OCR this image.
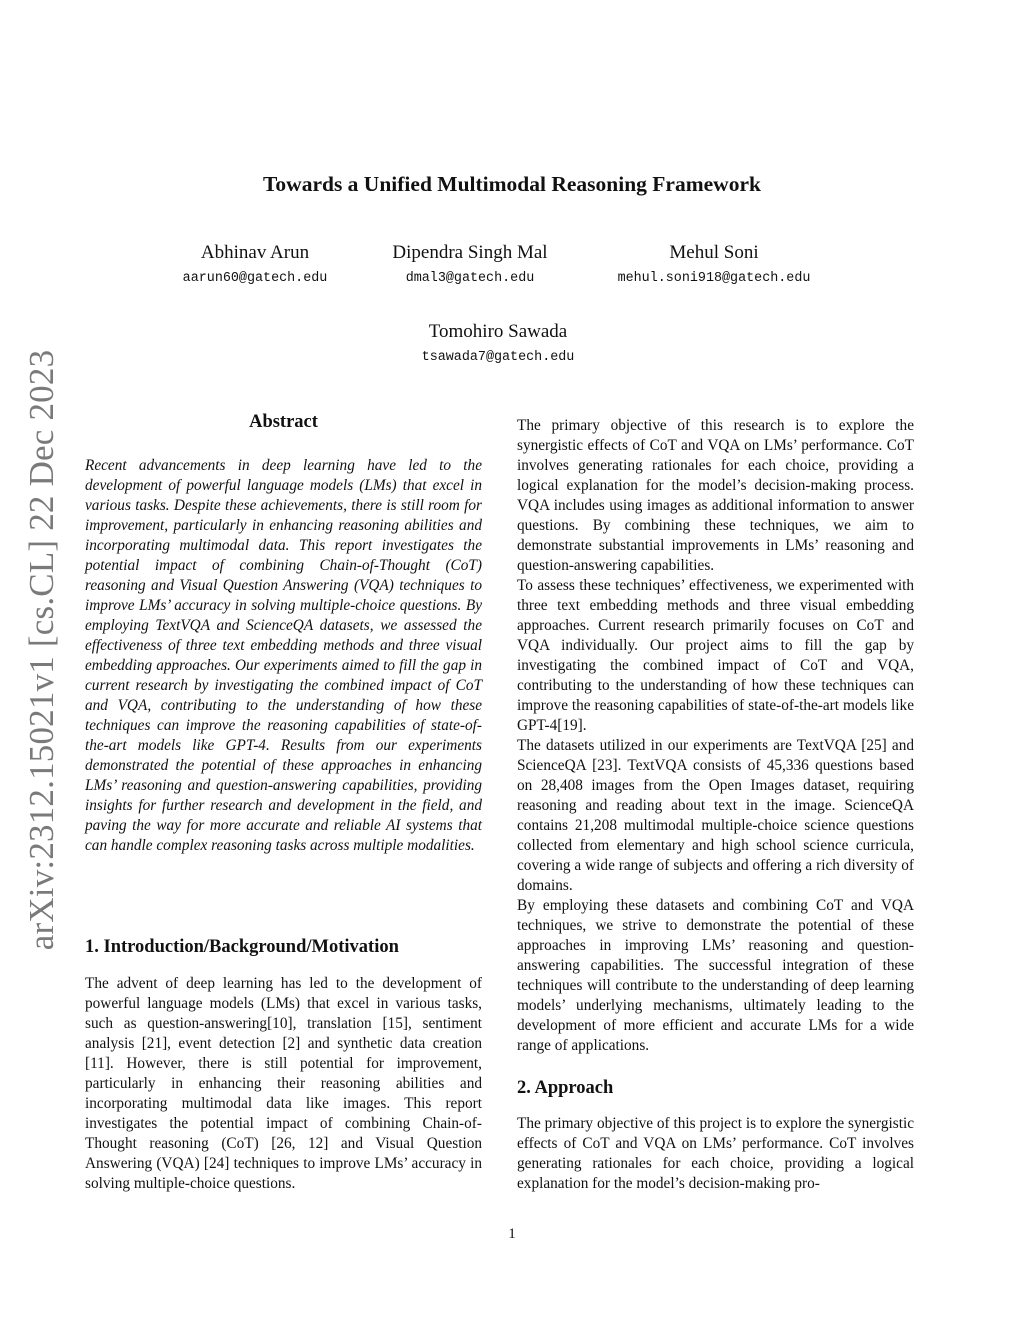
arXiv:2312.15021v1 [cs.CL] 22 Dec 2023
Towards a Unified Multimodal Reasoning Framework
Abhinav Arun
aarun60@gatech.edu
Dipendra Singh Mal
dmal3@gatech.edu
Mehul Soni
mehul.soni918@gatech.edu
Tomohiro Sawada
tsawada7@gatech.edu
Abstract

Recent advancements in deep learning have led to the development of powerful language models (LMs) that excel in various tasks. Despite these achievements, there is still room for improvement, particularly in enhancing reasoning abilities and incorporating multimodal data. This report investigates the potential impact of combining Chain-of-Thought (CoT) reasoning and Visual Question Answering (VQA) techniques to improve LMs’ accuracy in solving multiple-choice questions. By employing TextVQA and ScienceQA datasets, we assessed the effectiveness of three text embedding methods and three visual embedding approaches. Our experiments aimed to fill the gap in current research by investigating the combined impact of CoT and VQA, contributing to the understanding of how these techniques can improve the reasoning capabilities of state-of-the-art models like GPT-4. Results from our experiments demonstrated the potential of these approaches in enhancing LMs’ reasoning and question-answering capabilities, providing insights for further research and development in the field, and paving the way for more accurate and reliable AI systems that can handle complex reasoning tasks across multiple modalities.

1. Introduction/Background/Motivation

The advent of deep learning has led to the development of powerful language models (LMs) that excel in various tasks, such as question-answering[10], translation [15], sentiment analysis [21], event detection [2] and synthetic data creation [11]. However, there is still potential for improvement, particularly in enhancing their reasoning abilities and incorporating multimodal data like images. This report investigates the potential impact of combining Chain-of-Thought reasoning (CoT) [26, 12] and Visual Question Answering (VQA) [24] techniques to improve LMs’ accuracy in solving multiple-choice questions.

The primary objective of this research is to explore the synergistic effects of CoT and VQA on LMs’ performance. CoT involves generating rationales for each choice, providing a logical explanation for the model’s decision-making process. VQA includes using images as additional information to answer questions. By combining these techniques, we aim to demonstrate substantial improvements in LMs’ reasoning and question-answering capabilities.

To assess these techniques’ effectiveness, we experimented with three text embedding methods and three visual embedding approaches. Current research primarily focuses on CoT and VQA individually. Our project aims to fill the gap by investigating the combined impact of CoT and VQA, contributing to the understanding of how these techniques can improve the reasoning capabilities of state-of-the-art models like GPT-4[19].

The datasets utilized in our experiments are TextVQA [25] and ScienceQA [23]. TextVQA consists of 45,336 questions based on 28,408 images from the Open Images dataset, requiring reasoning and reading about text in the image. ScienceQA contains 21,208 multimodal multiple-choice science questions collected from elementary and high school science curricula, covering a wide range of subjects and offering a rich diversity of domains.

By employing these datasets and combining CoT and VQA techniques, we strive to demonstrate the potential of these approaches in improving LMs’ reasoning and question-answering capabilities. The successful integration of these techniques will contribute to the understanding of deep learning models’ underlying mechanisms, ultimately leading to the development of more efficient and accurate LMs for a wide range of applications.

2. Approach

The primary objective of this project is to explore the synergistic effects of CoT and VQA on LMs’ performance. CoT involves generating rationales for each choice, providing a logical explanation for the model’s decision-making pro-

1
